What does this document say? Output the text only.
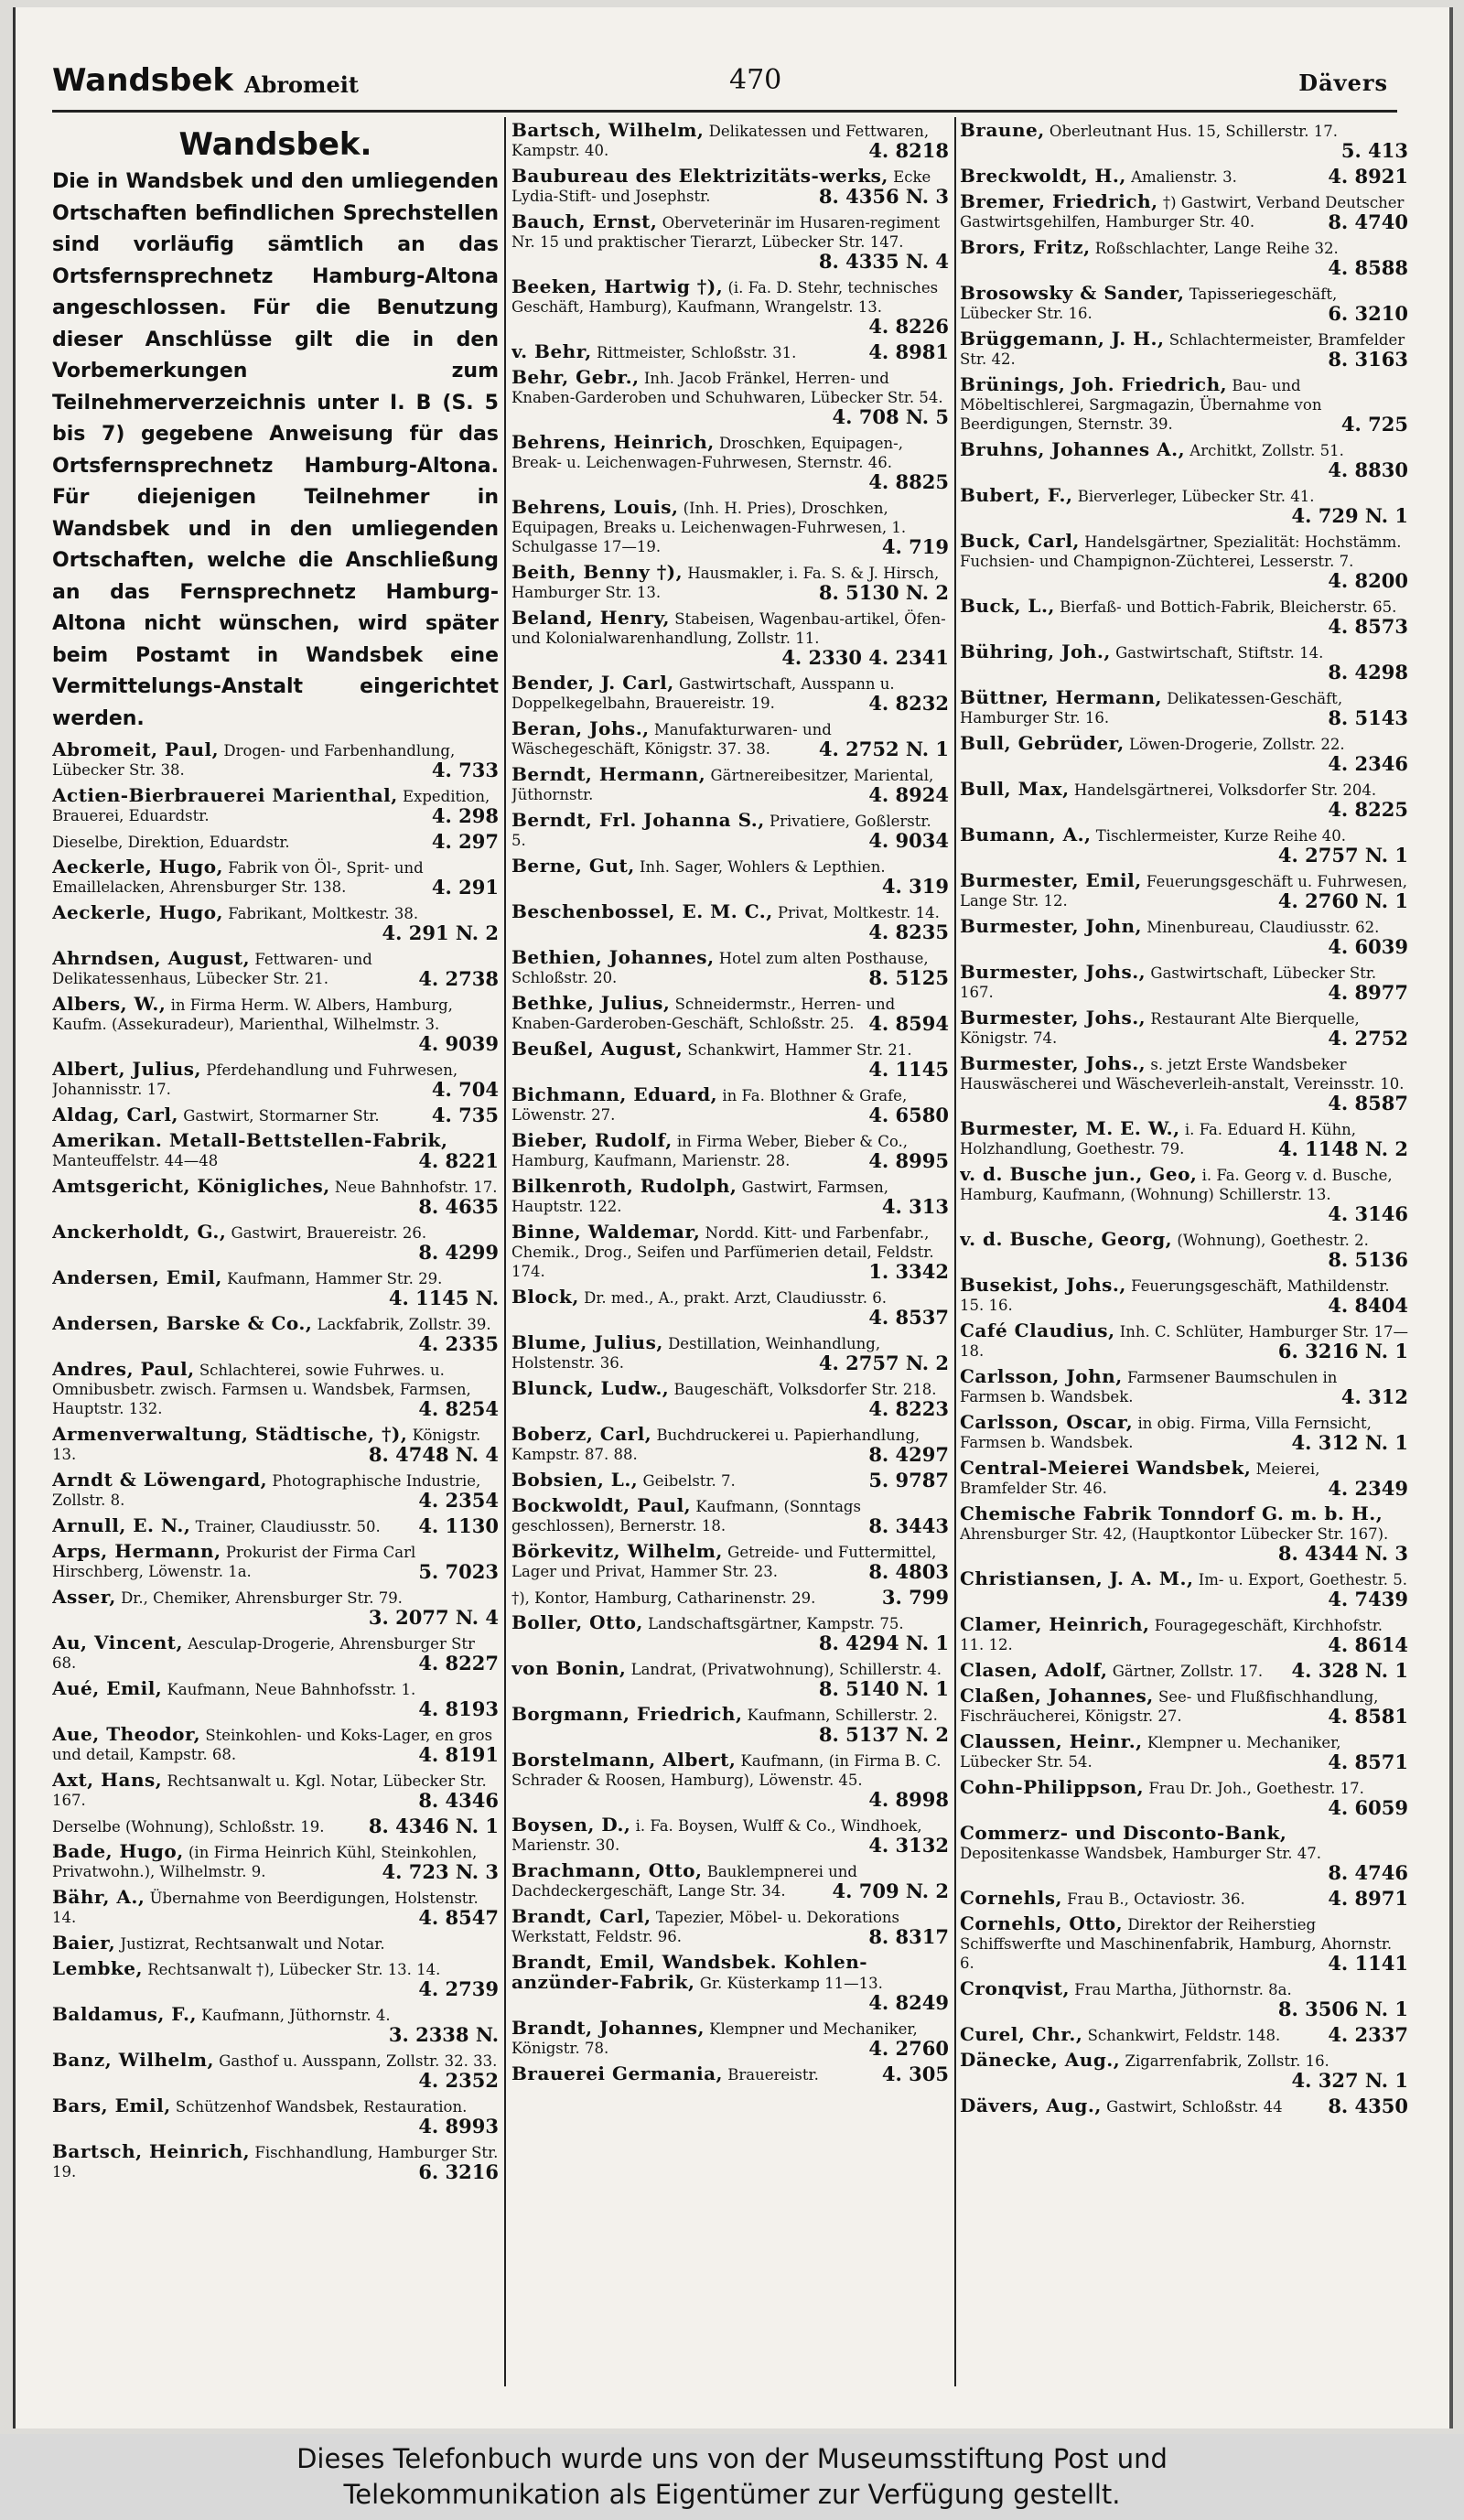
Wandsbek Abromeit	470	Dävers
Wandsbek.
Die in Wandsbek und den umliegenden Ortschaften befindlichen Sprechstellen sind vorläufig sämtlich an das Ortsfernsprechnetz Hamburg-Altona angeschlossen. Für die Benutzung dieser Anschlüsse gilt die in den Vorbemerkungen zum Teilnehmerverzeichnis unter I. B (S. 5 bis 7) gegebene Anweisung für das Ortsfernsprechnetz Hamburg-Altona. Für diejenigen Teilnehmer in Wandsbek und in den umliegenden Ortschaften, welche die Anschließung an das Fernsprechnetz Hamburg-Altona nicht wünschen, wird später beim Postamt in Wandsbek eine Vermittelungs-Anstalt eingerichtet werden.
Abromeit, Paul, Drogen- und Farbenhandlung, Lübecker Str. 38.	4. 733
Actien-Bierbrauerei Marienthal, Expedition, Brauerei, Eduardstr.	4. 298
Dieselbe, Direktion, Eduardstr.	4. 297
Aeckerle, Hugo, Fabrik von Öl-, Sprit- und Emaillelacken, Ahrensburger Str. 138.	4. 291
Aeckerle, Hugo, Fabrikant, Moltkestr. 38.
4. 291 N. 2
Ahrndsen, August, Fettwaren- und Delikatessenhaus, Lübecker Str. 21.	4. 2738
Albers, W., in Firma Herm. W. Albers, Hamburg, Kaufm. (Assekuradeur), Marienthal, Wilhelmstr. 3.
4. 9039
Albert, Julius, Pferdehandlung und Fuhrwesen, Johannisstr. 17.	4. 704
Aldag, Carl, Gastwirt, Stormarner Str.	4. 735
Amerikan. Metall-Bettstellen-Fabrik, Manteuffelstr. 44—48	4. 8221
Amtsgericht, Königliches, Neue Bahnhofstr. 17.
8. 4635
Anckerholdt, G., Gastwirt, Brauereistr. 26.
8. 4299
Andersen, Emil, Kaufmann, Hammer Str. 29.
4. 1145 N.
Andersen, Barske & Co., Lackfabrik, Zollstr. 39.
4. 2335
Andres, Paul, Schlachterei, sowie Fuhrwes. u. Omnibusbetr. zwisch. Farmsen u. Wandsbek, Farmsen, Hauptstr. 132.	4. 8254
Armenverwaltung, Städtische, †), Königstr. 13.	8. 4748 N. 4
Arndt & Löwengard, Photographische Industrie, Zollstr. 8.	4. 2354
Arnull, E. N., Trainer, Claudiusstr. 50. 4. 1130
Arps, Hermann, Prokurist der Firma Carl Hirschberg, Löwenstr. 1a.	5. 7023
Asser, Dr., Chemiker, Ahrensburger Str. 79.
3. 2077 N. 4
Au, Vincent, Aesculap-Drogerie, Ahrensburger Str 68.	4. 8227
Aué, Emil, Kaufmann, Neue Bahnhofsstr. 1.
4. 8193
Aue, Theodor, Steinkohlen- und Koks-Lager, en gros und detail, Kampstr. 68.	4. 8191
Axt, Hans, Rechtsanwalt u. Kgl. Notar, Lübecker Str. 167.	8. 4346
Derselbe (Wohnung), Schloßstr. 19. 8. 4346 N. 1
Bade, Hugo, (in Firma Heinrich Kühl, Steinkohlen, Privatwohn.), Wilhelmstr. 9.	4. 723 N. 3
Bähr, A., Übernahme von Beerdigungen, Holstenstr. 14.	4. 8547
Baier, Justizrat, Rechtsanwalt und Notar.
Lembke, Rechtsanwalt †), Lübecker Str. 13. 14.
4. 2739
Baldamus, F., Kaufmann, Jüthornstr. 4.
3. 2338 N.
Banz, Wilhelm, Gasthof u. Ausspann, Zollstr. 32. 33.
4. 2352
Bars, Emil, Schützenhof Wandsbek, Restauration.
4. 8993
Bartsch, Heinrich, Fischhandlung, Hamburger Str. 19.	6. 3216
Bartsch, Wilhelm, Delikatessen und Fettwaren, Kampstr. 40.	4. 8218
Baubureau des Elektrizitäts-werks, Ecke Lydia-Stift- und Josephstr.	8. 4356 N. 3
Bauch, Ernst, Oberveterinär im Husaren-regiment Nr. 15 und praktischer Tierarzt, Lübecker Str. 147.
8. 4335 N. 4
Beeken, Hartwig †), (i. Fa. D. Stehr, technisches Geschäft, Hamburg), Kaufmann, Wrangelstr. 13.
4. 8226
v. Behr, Rittmeister, Schloßstr. 31.	4. 8981
Behr, Gebr., Inh. Jacob Fränkel, Herren- und Knaben-Garderoben und Schuhwaren, Lübecker Str. 54.
4. 708 N. 5
Behrens, Heinrich, Droschken, Equipagen-, Break- u. Leichenwagen-Fuhrwesen, Sternstr. 46.
4. 8825
Behrens, Louis, (Inh. H. Pries), Droschken, Equipagen, Breaks u. Leichenwagen-Fuhrwesen, 1. Schulgasse 17—19.	4. 719
Beith, Benny †), Hausmakler, i. Fa. S. & J. Hirsch, Hamburger Str. 13.	8. 5130 N. 2
Beland, Henry, Stabeisen, Wagenbau-artikel, Öfen- und Kolonialwarenhandlung, Zollstr. 11.
4. 2330 4. 2341
Bender, J. Carl, Gastwirtschaft, Ausspann u. Doppelkegelbahn, Brauereistr. 19.	4. 8232
Beran, Johs., Manufakturwaren- und Wäschegeschäft, Königstr. 37. 38.	4. 2752 N. 1
Berndt, Hermann, Gärtnereibesitzer, Mariental, Jüthornstr.	4. 8924
Berndt, Frl. Johanna S., Privatiere, Goßlerstr. 5.	4. 9034
Berne, Gut, Inh. Sager, Wohlers & Lepthien.
4. 319
Beschenbossel, E. M. C., Privat, Moltkestr. 14.
4. 8235
Bethien, Johannes, Hotel zum alten Posthause, Schloßstr. 20.	8. 5125
Bethke, Julius, Schneidermstr., Herren- und Knaben-Garderoben-Geschäft, Schloßstr. 25. 4. 8594
Beußel, August, Schankwirt, Hammer Str. 21.
4. 1145
Bichmann, Eduard, in Fa. Blothner & Grafe, Löwenstr. 27.	4. 6580
Bieber, Rudolf, in Firma Weber, Bieber & Co., Hamburg, Kaufmann, Marienstr. 28.	4. 8995
Bilkenroth, Rudolph, Gastwirt, Farmsen, Hauptstr. 122.	4. 313
Binne, Waldemar, Nordd. Kitt- und Farbenfabr., Chemik., Drog., Seifen und Parfümerien detail, Feldstr. 174.	1. 3342
Block, Dr. med., A., prakt. Arzt, Claudiusstr. 6.
4. 8537
Blume, Julius, Destillation, Weinhandlung, Holstenstr. 36.	4. 2757 N. 2
Blunck, Ludw., Baugeschäft, Volksdorfer Str. 218.
4. 8223
Boberz, Carl, Buchdruckerei u. Papierhandlung, Kampstr. 87. 88.	8. 4297
Bobsien, L., Geibelstr. 7.	5. 9787
Bockwoldt, Paul, Kaufmann, (Sonntags geschlossen), Bernerstr. 18.	8. 3443
Börkevitz, Wilhelm, Getreide- und Futtermittel, Lager und Privat, Hammer Str. 23.	8. 4803
†), Kontor, Hamburg, Catharinenstr. 29.	3. 799
Boller, Otto, Landschaftsgärtner, Kampstr. 75.
8. 4294 N. 1
von Bonin, Landrat, (Privatwohnung), Schillerstr. 4.
8. 5140 N. 1
Borgmann, Friedrich, Kaufmann, Schillerstr. 2.
8. 5137 N. 2
Borstelmann, Albert, Kaufmann, (in Firma B. C. Schrader & Roosen, Hamburg), Löwenstr. 45.
4. 8998
Boysen, D., i. Fa. Boysen, Wulff & Co., Windhoek, Marienstr. 30.	4. 3132
Brachmann, Otto, Bauklempnerei und Dachdeckergeschäft, Lange Str. 34. 4. 709 N. 2
Brandt, Carl, Tapezier, Möbel- u. Dekorations Werkstatt, Feldstr. 96.	8. 8317
Brandt, Emil, Wandsbek. Kohlen-anzünder-Fabrik, Gr. Küsterkamp 11—13.
4. 8249
Brandt, Johannes, Klempner und Mechaniker, Königstr. 78.	4. 2760
Brauerei Germania, Brauereistr.	4. 305
Braune, Oberleutnant Hus. 15, Schillerstr. 17.
5. 413
Breckwoldt, H., Amalienstr. 3.	4. 8921
Bremer, Friedrich, †) Gastwirt, Verband Deutscher Gastwirtsgehilfen, Hamburger Str. 40.	8. 4740
Brors, Fritz, Roßschlachter, Lange Reihe 32.
4. 8588
Brosowsky & Sander, Tapisseriegeschäft, Lübecker Str. 16.	6. 3210
Brüggemann, J. H., Schlachtermeister, Bramfelder Str. 42.	8. 3163
Brünings, Joh. Friedrich, Bau- und Möbeltischlerei, Sargmagazin, Übernahme von Beerdigungen, Sternstr. 39.	4. 725
Bruhns, Johannes A., Architkt, Zollstr. 51.
4. 8830
Bubert, F., Bierverleger, Lübecker Str. 41.
4. 729 N. 1
Buck, Carl, Handelsgärtner, Spezialität: Hochstämm. Fuchsien- und Champignon-Züchterei, Lesserstr. 7.
4. 8200
Buck, L., Bierfaß- und Bottich-Fabrik, Bleicherstr. 65.
4. 8573
Bühring, Joh., Gastwirtschaft, Stiftstr. 14.
8. 4298
Büttner, Hermann, Delikatessen-Geschäft, Hamburger Str. 16.	8. 5143
Bull, Gebrüder, Löwen-Drogerie, Zollstr. 22.
4. 2346
Bull, Max, Handelsgärtnerei, Volksdorfer Str. 204.
4. 8225
Bumann, A., Tischlermeister, Kurze Reihe 40.
4. 2757 N. 1
Burmester, Emil, Feuerungsgeschäft u. Fuhrwesen, Lange Str. 12.	4. 2760 N. 1
Burmester, John, Minenbureau, Claudiusstr. 62.
4. 6039
Burmester, Johs., Gastwirtschaft, Lübecker Str. 167.	4. 8977
Burmester, Johs., Restaurant Alte Bierquelle, Königstr. 74.	4. 2752
Burmester, Johs., s. jetzt Erste Wandsbeker Hauswäscherei und Wäscheverleih-anstalt, Vereinsstr. 10.
4. 8587
Burmester, M. E. W., i. Fa. Eduard H. Kühn, Holzhandlung, Goethestr. 79.	4. 1148 N. 2
v. d. Busche jun., Geo, i. Fa. Georg v. d. Busche, Hamburg, Kaufmann, (Wohnung) Schillerstr. 13.
4. 3146
v. d. Busche, Georg, (Wohnung), Goethestr. 2.
8. 5136
Busekist, Johs., Feuerungsgeschäft, Mathildenstr. 15. 16.	4. 8404
Café Claudius, Inh. C. Schlüter, Hamburger Str. 17—18.	6. 3216 N. 1
Carlsson, John, Farmsener Baumschulen in Farmsen b. Wandsbek.	4. 312
Carlsson, Oscar, in obig. Firma, Villa Fernsicht, Farmsen b. Wandsbek.	4. 312 N. 1
Central-Meierei Wandsbek, Meierei, Bramfelder Str. 46.	4. 2349
Chemische Fabrik Tonndorf G. m. b. H., Ahrensburger Str. 42, (Hauptkontor Lübecker Str. 167).
8. 4344 N. 3
Christiansen, J. A. M., Im- u. Export, Goethestr. 5.
4. 7439
Clamer, Heinrich, Fouragegeschäft, Kirchhofstr. 11. 12.	4. 8614
Clasen, Adolf, Gärtner, Zollstr. 17. 4. 328 N. 1
Claßen, Johannes, See- und Flußfischhandlung, Fischräucherei, Königstr. 27.	4. 8581
Claussen, Heinr., Klempner u. Mechaniker, Lübecker Str. 54.	4. 8571
Cohn-Philippson, Frau Dr. Joh., Goethestr. 17.
4. 6059
Commerz- und Disconto-Bank, Depositenkasse Wandsbek, Hamburger Str. 47.
8. 4746
Cornehls, Frau B., Octaviostr. 36.	4. 8971
Cornehls, Otto, Direktor der Reiherstieg Schiffswerfte und Maschinenfabrik, Hamburg, Ahornstr. 6.	4. 1141
Cronqvist, Frau Martha, Jüthornstr. 8a.
8. 3506 N. 1
Curel, Chr., Schankwirt, Feldstr. 148. 4. 2337
Dänecke, Aug., Zigarrenfabrik, Zollstr. 16.
4. 327 N. 1
Dävers, Aug., Gastwirt, Schloßstr. 44 8. 4350
Dieses Telefonbuch wurde uns von der Museumsstiftung Post und
Telekommunikation als Eigentümer zur Verfügung gestellt.
